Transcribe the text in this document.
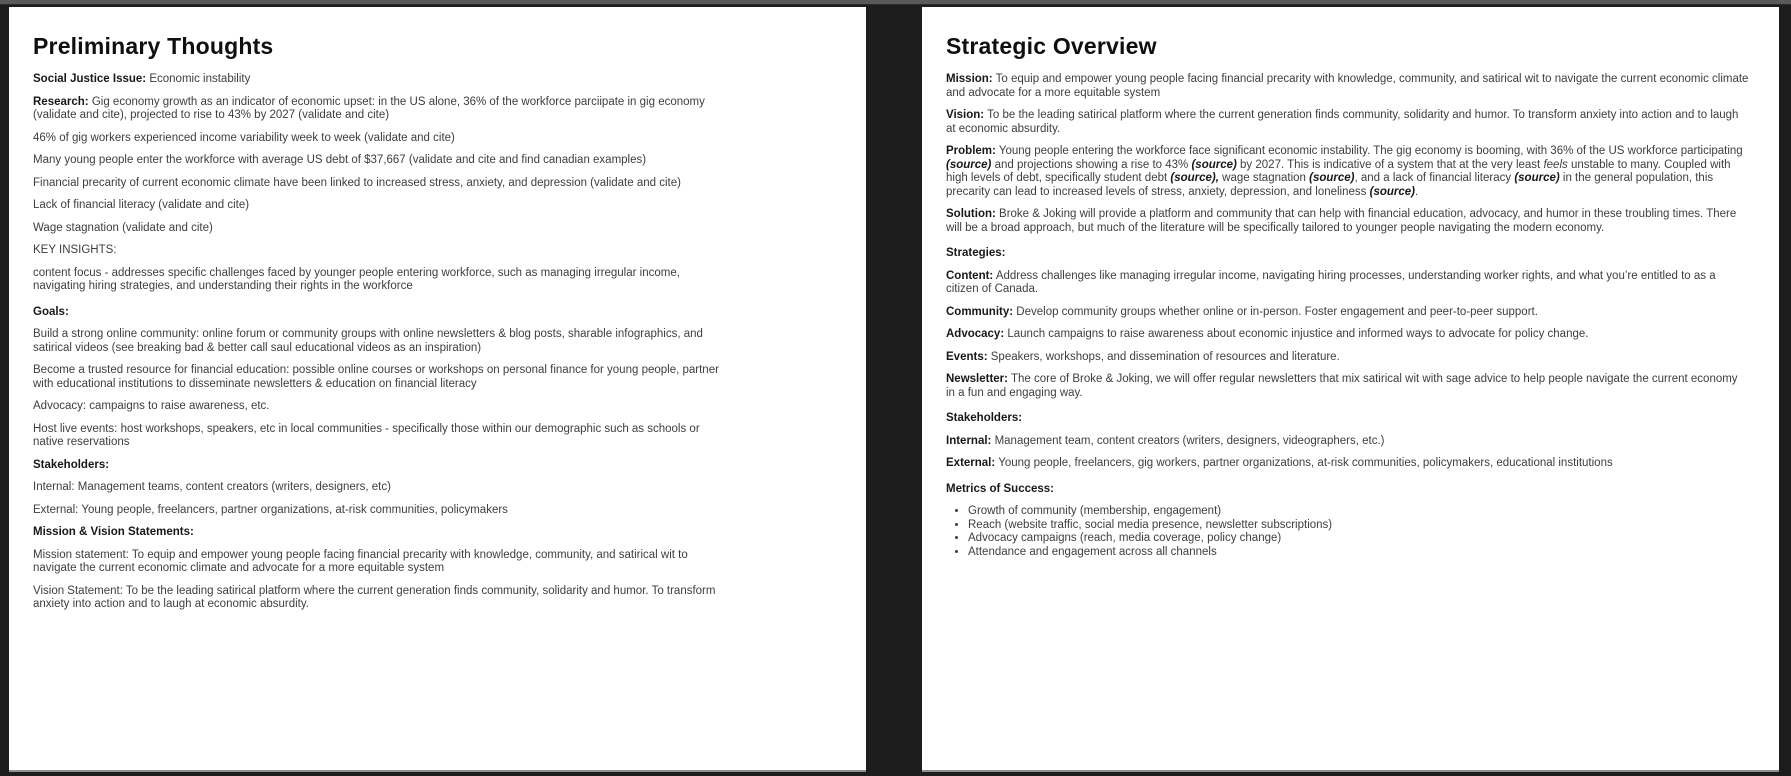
Preliminary Thoughts

Social Justice Issue: Economic instability

Research: Gig economy growth as an indicator of economic upset: in the US alone, 36% of the workforce parciipate in gig economy (validate and cite), projected to rise to 43% by 2027 (validate and cite)

46% of gig workers experienced income variability week to week (validate and cite)

Many young people enter the workforce with average US debt of $37,667 (validate and cite and find canadian examples)

Financial precarity of current economic climate have been linked to increased stress, anxiety, and depression (validate and cite)

Lack of financial literacy (validate and cite)

Wage stagnation (validate and cite)

KEY INSIGHTS:

content focus - addresses specific challenges faced by younger people entering workforce, such as managing irregular income, navigating hiring strategies, and understanding their rights in the workforce

Goals:

Build a strong online community: online forum or community groups with online newsletters & blog posts, sharable infographics, and satirical videos (see breaking bad & better call saul educational videos as an inspiration)

Become a trusted resource for financial education: possible online courses or workshops on personal finance for young people, partner with educational institutions to disseminate newsletters & education on financial literacy

Advocacy: campaigns to raise awareness, etc.

Host live events: host workshops, speakers, etc in local communities - specifically those within our demographic such as schools or native reservations

Stakeholders:

Internal: Management teams, content creators (writers, designers, etc)

External: Young people, freelancers, partner organizations, at-risk communities, policymakers

Mission & Vision Statements:

Mission statement: To equip and empower young people facing financial precarity with knowledge, community, and satirical wit to navigate the current economic climate and advocate for a more equitable system

Vision Statement: To be the leading satirical platform where the current generation finds community, solidarity and humor. To transform anxiety into action and to laugh at economic absurdity.

Strategic Overview

Mission: To equip and empower young people facing financial precarity with knowledge, community, and satirical wit to navigate the current economic climate and advocate for a more equitable system

Vision: To be the leading satirical platform where the current generation finds community, solidarity and humor. To transform anxiety into action and to laugh at economic absurdity.

Problem: Young people entering the workforce face significant economic instability. The gig economy is booming, with 36% of the US workforce participating (source) and projections showing a rise to 43% (source) by 2027. This is indicative of a system that at the very least feels unstable to many. Coupled with high levels of debt, specifically student debt (source), wage stagnation (source), and a lack of financial literacy (source) in the general population, this precarity can lead to increased levels of stress, anxiety, depression, and loneliness (source).

Solution: Broke & Joking will provide a platform and community that can help with financial education, advocacy, and humor in these troubling times. There will be a broad approach, but much of the literature will be specifically tailored to younger people navigating the modern economy.

Strategies:

Content: Address challenges like managing irregular income, navigating hiring processes, understanding worker rights, and what you’re entitled to as a citizen of Canada.

Community: Develop community groups whether online or in-person. Foster engagement and peer-to-peer support.

Advocacy: Launch campaigns to raise awareness about economic injustice and informed ways to advocate for policy change.

Events: Speakers, workshops, and dissemination of resources and literature.

Newsletter: The core of Broke & Joking, we will offer regular newsletters that mix satirical wit with sage advice to help people navigate the current economy in a fun and engaging way.

Stakeholders:

Internal: Management team, content creators (writers, designers, videographers, etc.)

External: Young people, freelancers, gig workers, partner organizations, at-risk communities, policymakers, educational institutions

Metrics of Success:

• Growth of community (membership, engagement)
• Reach (website traffic, social media presence, newsletter subscriptions)
• Advocacy campaigns (reach, media coverage, policy change)
• Attendance and engagement across all channels
